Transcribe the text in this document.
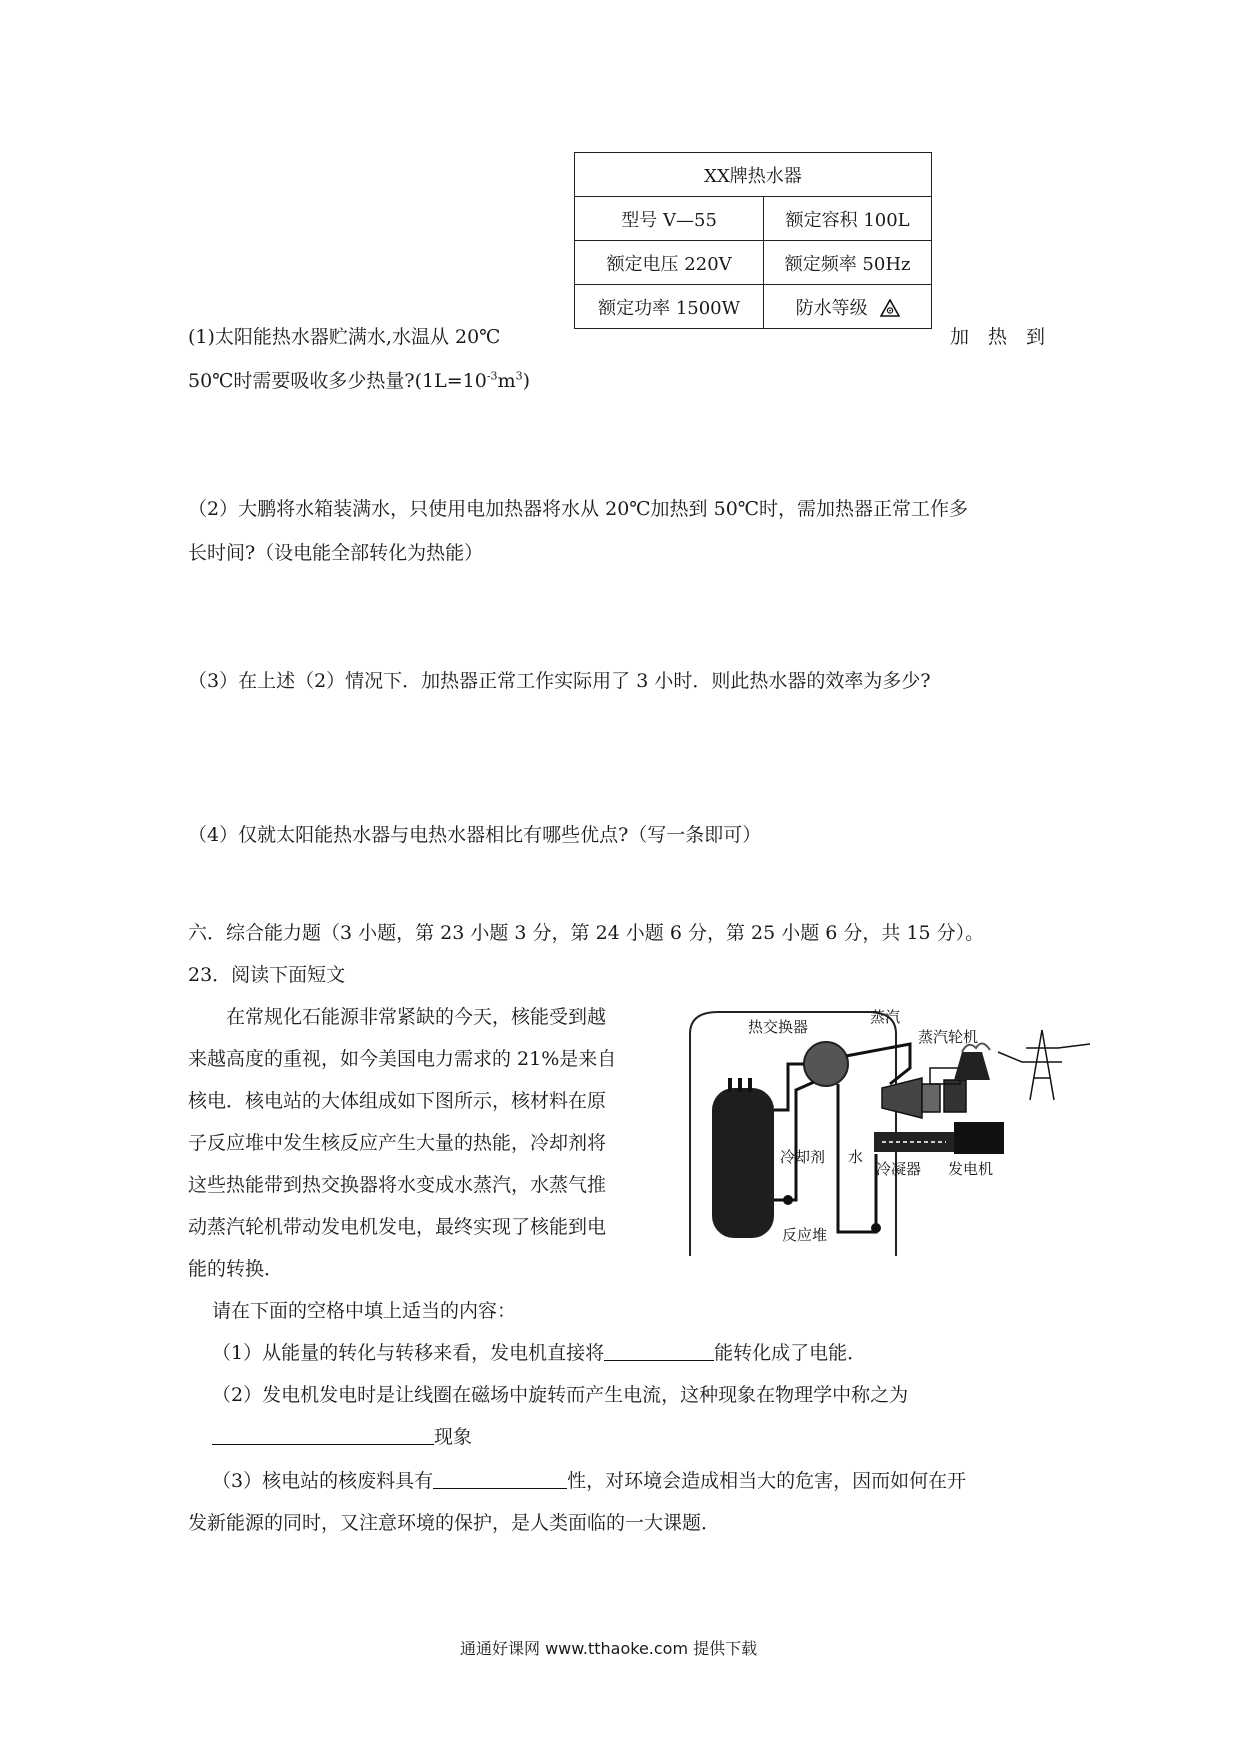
XX牌热水器	
型号 V—55	额定容积 100L
额定电压 220V	额定频率 50Hz
额定功率 1500W	防水等级
(1)太阳能热水器贮满水,水温从 20℃	加　热　到
50℃时需要吸收多少热量$?(1L=10^{-3}m^3)$
（2）大鹏将水箱装满水，只使用电加热器将水从 20℃加热到 50℃时，需加热器正常工作多
长时间?（设电能全部转化为热能）
（3）在上述（2）情况下．加热器正常工作实际用了 3 小时．则此热水器的效率为多少?
（4）仅就太阳能热水器与电热水器相比有哪些优点?（写一条即可）
六．综合能力题（3 小题，第 23 小题 3 分，第 24 小题 6 分，第 25 小题 6 分，共 15 分）。
23．阅读下面短文
　　在常规化石能源非常紧缺的今天，核能受到越
来越高度的重视，如今美国电力需求的 21%是来自
核电．核电站的大体组成如下图所示，核材料在原
子反应堆中发生核反应产生大量的热能，冷却剂将
这些热能带到热交换器将水变成水蒸汽，水蒸气推
动蒸汽轮机带动发电机发电，最终实现了核能到电
能的转换．
热交换器
蒸汽
蒸汽轮机
冷却剂 水
冷凝器 发电机
反应堆
请在下面的空格中填上适当的内容：
（1）从能量的转化与转移来看，发电机直接将	能转化成了电能．
（2）发电机发电时是让线圈在磁场中旋转而产生电流，这种现象在物理学中称之为
现象
（3）核电站的核废料具有	性，对环境会造成相当大的危害，因而如何在开
发新能源的同时，又注意环境的保护，是人类面临的一大课题．
通通好课网 www.tthaoke.com 提供下载
